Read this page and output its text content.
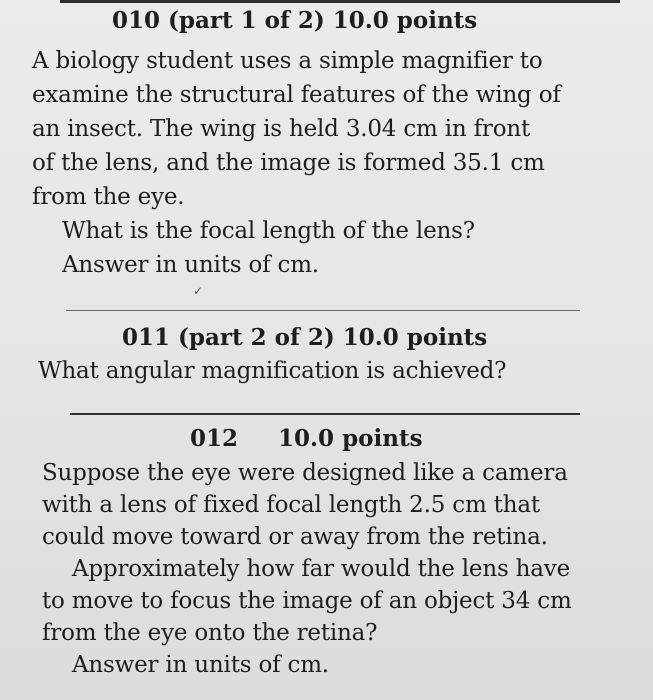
010 (part 1 of 2) 10.0 points
A biology student uses a simple magnifier to
examine the structural features of the wing of
an insect. The wing is held 3.04 cm in front
of the lens, and the image is formed 35.1 cm
from the eye.
What is the focal length of the lens?
Answer in units of cm.
✓
011 (part 2 of 2) 10.0 points
What angular magnification is achieved?
012     10.0 points
Suppose the eye were designed like a camera
with a lens of fixed focal length 2.5 cm that
could move toward or away from the retina.
Approximately how far would the lens have
to move to focus the image of an object 34 cm
from the eye onto the retina?
Answer in units of cm.
